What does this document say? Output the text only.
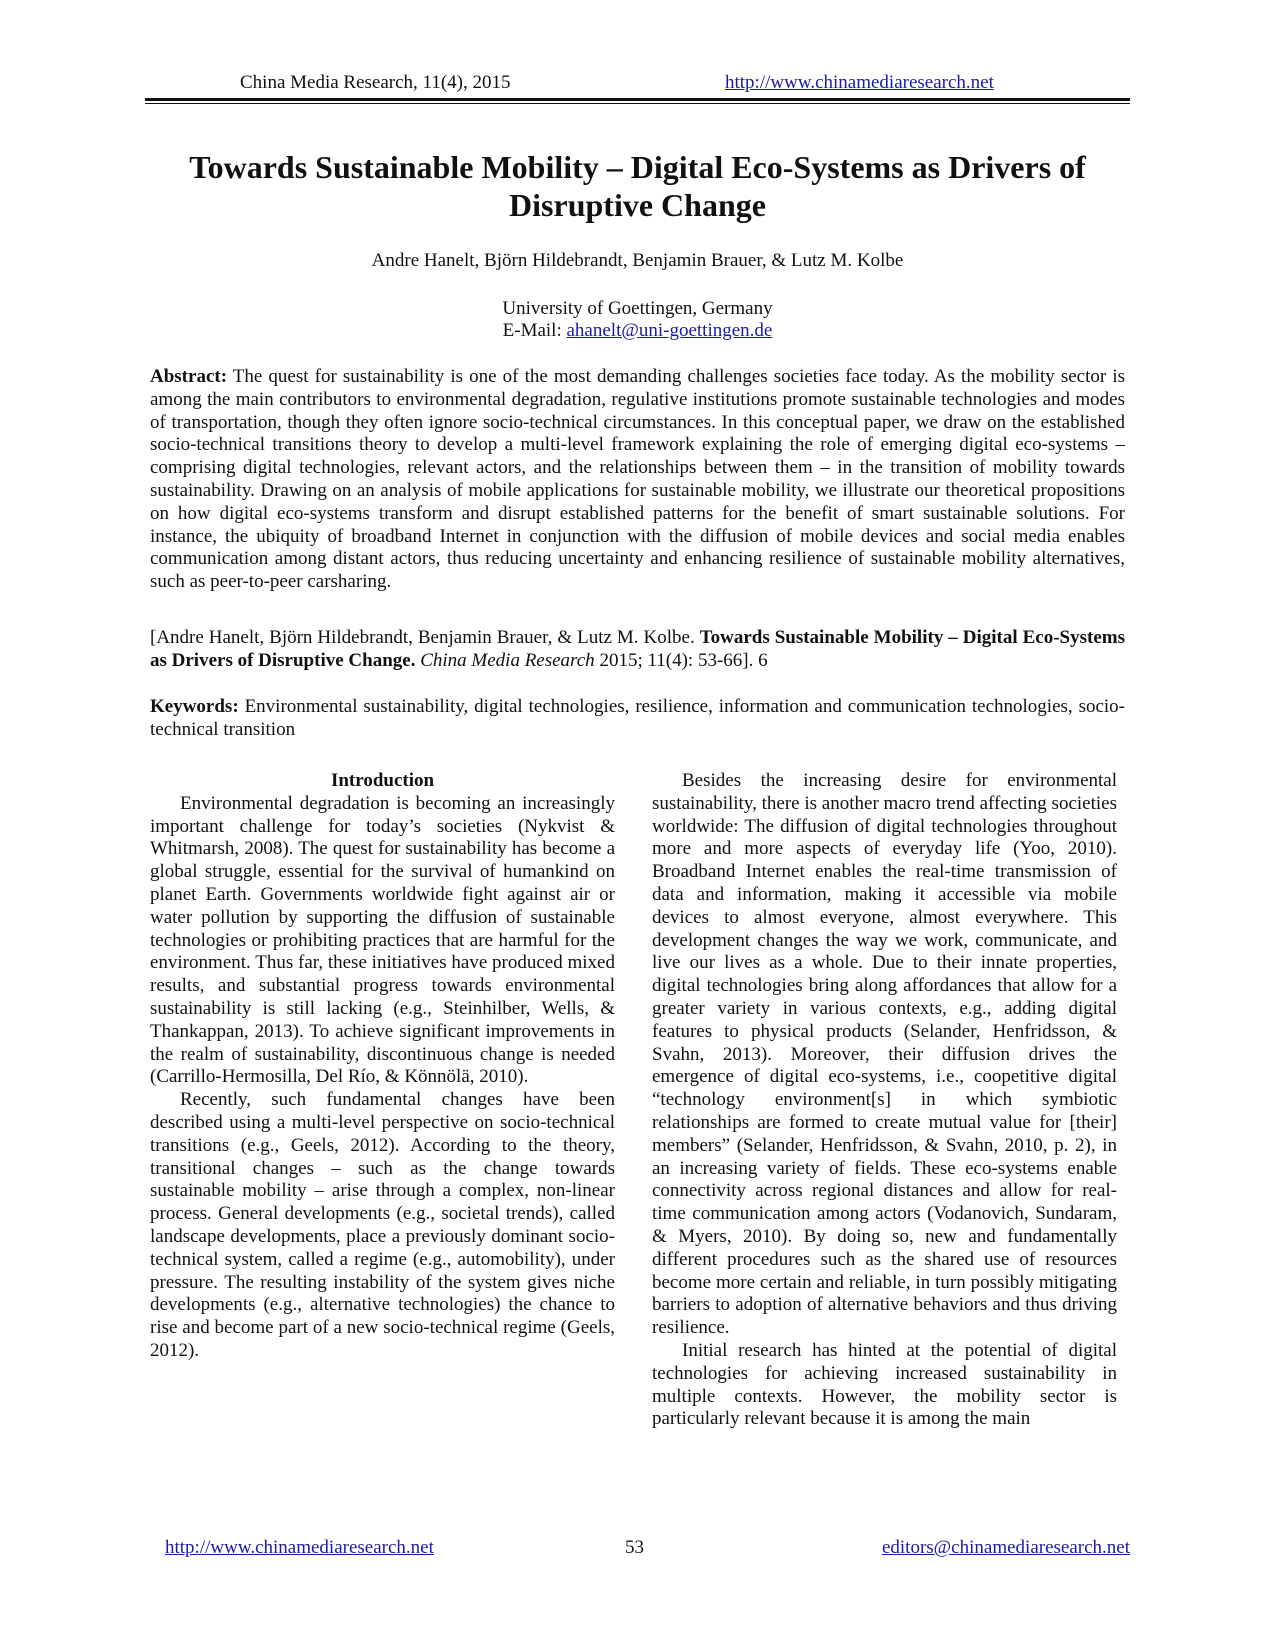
China Media Research, 11(4), 2015	http://www.chinamediaresearch.net
Towards Sustainable Mobility – Digital Eco-Systems as Drivers of Disruptive Change
Andre Hanelt, Björn Hildebrandt, Benjamin Brauer, & Lutz M. Kolbe
University of Goettingen, Germany
E-Mail: ahanelt@uni-goettingen.de

Abstract: The quest for sustainability is one of the most demanding challenges societies face today. As the mobility sector is among the main contributors to environmental degradation, regulative institutions promote sustainable technologies and modes of transportation, though they often ignore socio-technical circumstances. In this conceptual paper, we draw on the established socio-technical transitions theory to develop a multi-level framework explaining the role of emerging digital eco-systems – comprising digital technologies, relevant actors, and the relationships between them – in the transition of mobility towards sustainability. Drawing on an analysis of mobile applications for sustainable mobility, we illustrate our theoretical propositions on how digital eco-systems transform and disrupt established patterns for the benefit of smart sustainable solutions. For instance, the ubiquity of broadband Internet in conjunction with the diffusion of mobile devices and social media enables communication among distant actors, thus reducing uncertainty and enhancing resilience of sustainable mobility alternatives, such as peer-to-peer carsharing.

[Andre Hanelt, Björn Hildebrandt, Benjamin Brauer, & Lutz M. Kolbe. Towards Sustainable Mobility – Digital Eco-Systems as Drivers of Disruptive Change. China Media Research 2015; 11(4): 53-66]. 6

Keywords: Environmental sustainability, digital technologies, resilience, information and communication technologies, socio-technical transition

Introduction

Environmental degradation is becoming an increasingly important challenge for today’s societies (Nykvist & Whitmarsh, 2008). The quest for sustainability has become a global struggle, essential for the survival of humankind on planet Earth. Governments worldwide fight against air or water pollution by supporting the diffusion of sustainable technologies or prohibiting practices that are harmful for the environment. Thus far, these initiatives have produced mixed results, and substantial progress towards environmental sustainability is still lacking (e.g., Steinhilber, Wells, & Thankappan, 2013). To achieve significant improvements in the realm of sustainability, discontinuous change is needed (Carrillo-Hermosilla, Del Río, & Könnölä, 2010).

Recently, such fundamental changes have been described using a multi-level perspective on socio-technical transitions (e.g., Geels, 2012). According to the theory, transitional changes – such as the change towards sustainable mobility – arise through a complex, non-linear process. General developments (e.g., societal trends), called landscape developments, place a previously dominant socio-technical system, called a regime (e.g., automobility), under pressure. The resulting instability of the system gives niche developments (e.g., alternative technologies) the chance to rise and become part of a new socio-technical regime (Geels, 2012).

Besides the increasing desire for environmental sustainability, there is another macro trend affecting societies worldwide: The diffusion of digital technologies throughout more and more aspects of everyday life (Yoo, 2010). Broadband Internet enables the real-time transmission of data and information, making it accessible via mobile devices to almost everyone, almost everywhere. This development changes the way we work, communicate, and live our lives as a whole. Due to their innate properties, digital technologies bring along affordances that allow for a greater variety in various contexts, e.g., adding digital features to physical products (Selander, Henfridsson, & Svahn, 2013). Moreover, their diffusion drives the emergence of digital eco-systems, i.e., coopetitive digital “technology environment[s] in which symbiotic relationships are formed to create mutual value for [their] members” (Selander, Henfridsson, & Svahn, 2010, p. 2), in an increasing variety of fields. These eco-systems enable connectivity across regional distances and allow for real-time communication among actors (Vodanovich, Sundaram, & Myers, 2010). By doing so, new and fundamentally different procedures such as the shared use of resources become more certain and reliable, in turn possibly mitigating barriers to adoption of alternative behaviors and thus driving resilience.

Initial research has hinted at the potential of digital technologies for achieving increased sustainability in multiple contexts. However, the mobility sector is particularly relevant because it is among the main

http://www.chinamediaresearch.net	53	editors@chinamediaresearch.net
